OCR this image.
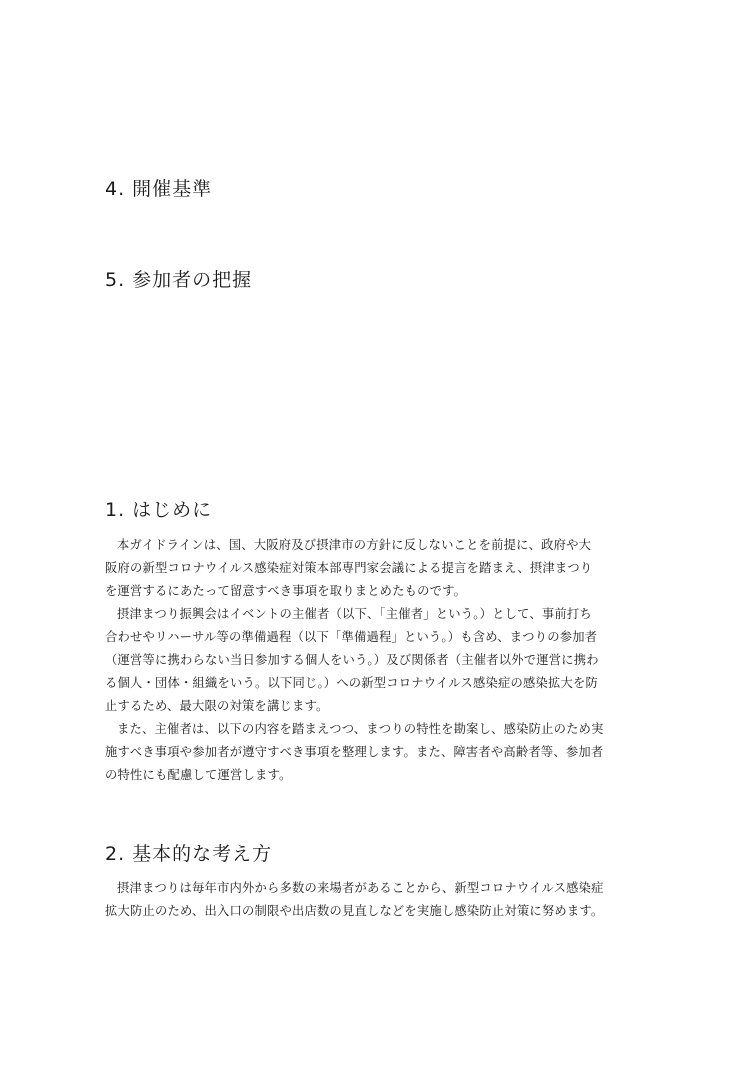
4. 開催基準
5. 参加者の把握
1. はじめに

本ガイドラインは、国、大阪府及び摂津市の方針に反しないことを前提に、政府や大
阪府の新型コロナウイルス感染症対策本部専門家会議による提言を踏まえ、摂津まつり
を運営するにあたって留意すべき事項を取りまとめたものです。

摂津まつり振興会はイベントの主催者（以下、「主催者」という。）として、事前打ち
合わせやリハーサル等の準備過程（以下「準備過程」という。）も含め、まつりの参加者
（運営等に携わらない当日参加する個人をいう。）及び関係者（主催者以外で運営に携わ
る個人・団体・組織をいう。以下同じ。）への新型コロナウイルス感染症の感染拡大を防
止するため、最大限の対策を講じます。

また、主催者は、以下の内容を踏まえつつ、まつりの特性を勘案し、感染防止のため実
施すべき事項や参加者が遵守すべき事項を整理します。また、障害者や高齢者等、参加者
の特性にも配慮して運営します。

2. 基本的な考え方

摂津まつりは毎年市内外から多数の来場者があることから、新型コロナウイルス感染症
拡大防止のため、出入口の制限や出店数の見直しなどを実施し感染防止対策に努めます。
